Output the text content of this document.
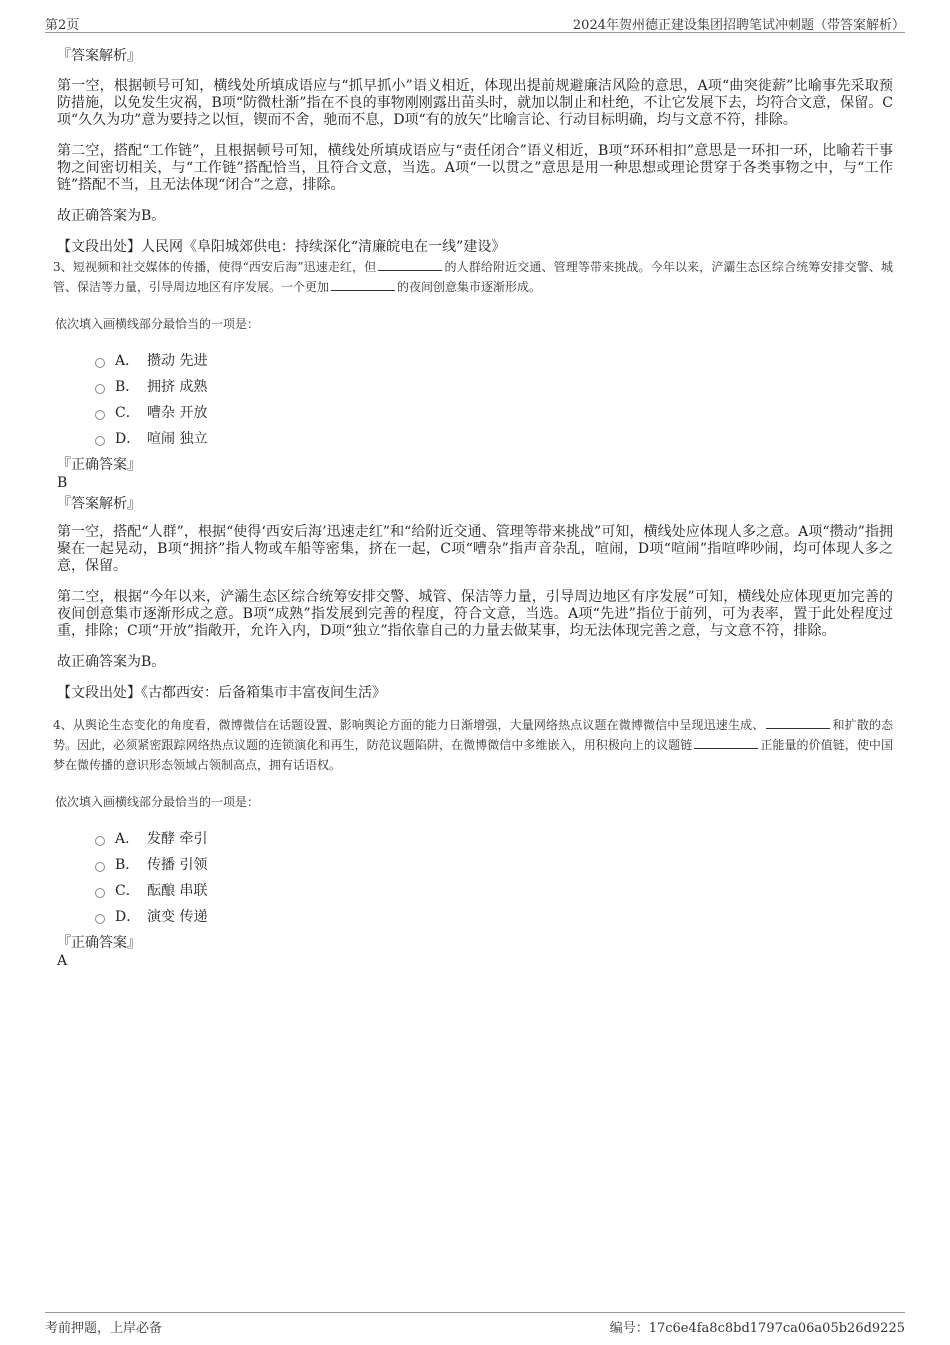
第2页	2024年贺州德正建设集团招聘笔试冲刺题（带答案解析）
『答案解析』

第一空，根据顿号可知，横线处所填成语应与“抓早抓小”语义相近，体现出提前规避廉洁风险的意思，A项“曲突徙薪”比喻事先采取预防措施，以免发生灾祸，B项“防微杜渐”指在不良的事物刚刚露出苗头时，就加以制止和杜绝，不让它发展下去，均符合文意，保留。C项“久久为功”意为要持之以恒，锲而不舍，驰而不息，D项“有的放矢”比喻言论、行动目标明确，均与文意不符，排除。

第二空，搭配“工作链”，且根据顿号可知，横线处所填成语应与“责任闭合”语义相近，B项“环环相扣”意思是一环扣一环，比喻若干事物之间密切相关，与“工作链”搭配恰当，且符合文意，当选。A项“一以贯之”意思是用一种思想或理论贯穿于各类事物之中，与“工作链”搭配不当，且无法体现“闭合”之意，排除。

故正确答案为B。

【文段出处】人民网《阜阳城郊供电：持续深化“清廉皖电在一线”建设》
3、短视频和社交媒体的传播，使得“西安后海”迅速走红，但	的人群给附近交通、管理等带来挑战。今年以来，浐灞生态区综合统筹安排交警、城管、保洁等力量，引导周边地区有序发展。一个更加	的夜间创意集市逐渐形成。
依次填入画横线部分最恰当的一项是：
A． 攒动 先进
B． 拥挤 成熟
C． 嘈杂 开放
D． 喧闹 独立
『正确答案』
B
『答案解析』

第一空，搭配“人群”，根据“使得‘西安后海’迅速走红”和“给附近交通、管理等带来挑战”可知，横线处应体现人多之意。A项“攒动”指拥聚在一起晃动，B项“拥挤”指人物或车船等密集，挤在一起，C项“嘈杂”指声音杂乱，喧闹，D项“喧闹”指喧哗吵闹，均可体现人多之意，保留。

第二空，根据“今年以来，浐灞生态区综合统筹安排交警、城管、保洁等力量，引导周边地区有序发展”可知，横线处应体现更加完善的夜间创意集市逐渐形成之意。B项“成熟”指发展到完善的程度，符合文意，当选。A项“先进”指位于前列，可为表率，置于此处程度过重，排除；C项“开放”指敞开，允许入内，D项“独立”指依靠自己的力量去做某事，均无法体现完善之意，与文意不符，排除。

故正确答案为B。

【文段出处】《古都西安：后备箱集市丰富夜间生活》
4、从舆论生态变化的角度看，微博微信在话题设置、影响舆论方面的能力日渐增强，大量网络热点议题在微博微信中呈现迅速生成、	和扩散的态势。因此，必须紧密跟踪网络热点议题的连锁演化和再生，防范议题陷阱，在微博微信中多维嵌入，用积极向上的议题链	正能量的价值链，使中国梦在微传播的意识形态领域占领制高点，拥有话语权。
依次填入画横线部分最恰当的一项是：
A． 发酵 牵引
B． 传播 引领
C． 酝酿 串联
D． 演变 传递
『正确答案』
A
考前押题，上岸必备	编号：17c6e4fa8c8bd1797ca06a05b26d9225
